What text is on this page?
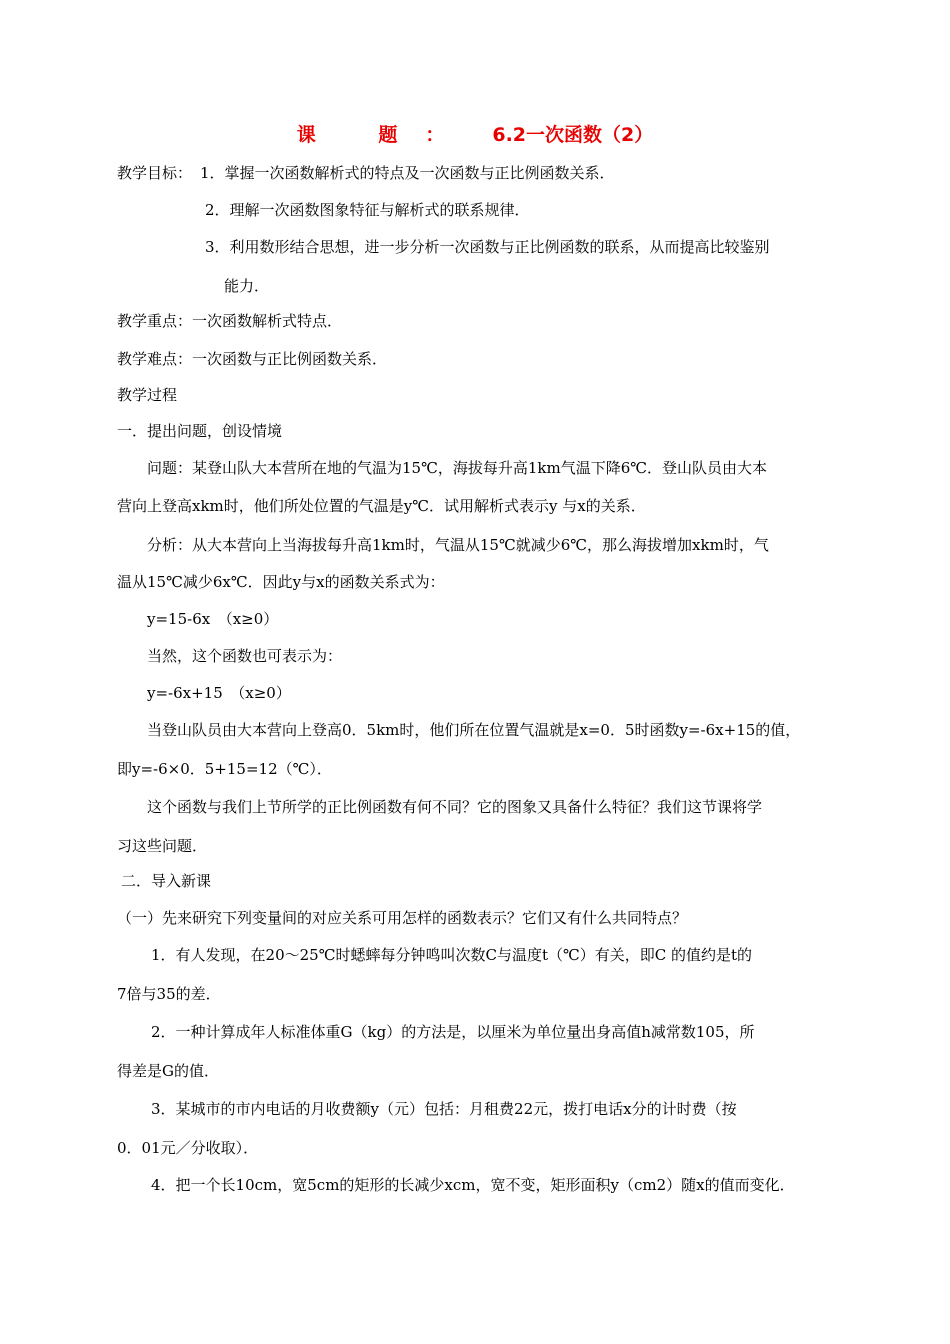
课 题： 6.2一次函数（2）
教学目标： 1．掌握一次函数解析式的特点及一次函数与正比例函数关系．
2．理解一次函数图象特征与解析式的联系规律．
3．利用数形结合思想，进一步分析一次函数与正比例函数的联系，从而提高比较鉴别
能力．
教学重点：一次函数解析式特点．
教学难点：一次函数与正比例函数关系．
教学过程
一．提出问题，创设情境
问题：某登山队大本营所在地的气温为15℃，海拔每升高1km气温下降6℃．登山队员由大本
营向上登高xkm时，他们所处位置的气温是y℃．试用解析式表示y 与x的关系．
分析：从大本营向上当海拔每升高1km时，气温从15℃就减少6℃，那么海拔增加xkm时，气
温从15℃减少6x℃．因此y与x的函数关系式为：
y=15-6x　（x≥0）
当然，这个函数也可表示为：
y=-6x+15　（x≥0）
当登山队员由大本营向上登高0．5km时，他们所在位置气温就是x=0．5时函数y=-6x+15的值，
即y=-6×0．5+15=12（℃）．
这个函数与我们上节所学的正比例函数有何不同？它的图象又具备什么特征？我们这节课将学
习这些问题．
二．导入新课
（一）先来研究下列变量间的对应关系可用怎样的函数表示？它们又有什么共同特点？
1．有人发现，在20～25℃时蟋蟀每分钟鸣叫次数C与温度t（℃）有关，即C 的值约是t的
7倍与35的差．
2．一种计算成年人标准体重G（kg）的方法是，以厘米为单位量出身高值h减常数105，所
得差是G的值．
3．某城市的市内电话的月收费额y（元）包括：月租费22元，拨打电话x分的计时费（按
0．01元／分收取）．
4．把一个长10cm，宽5cm的矩形的长减少xcm，宽不变，矩形面积y（cm2）随x的值而变化．
